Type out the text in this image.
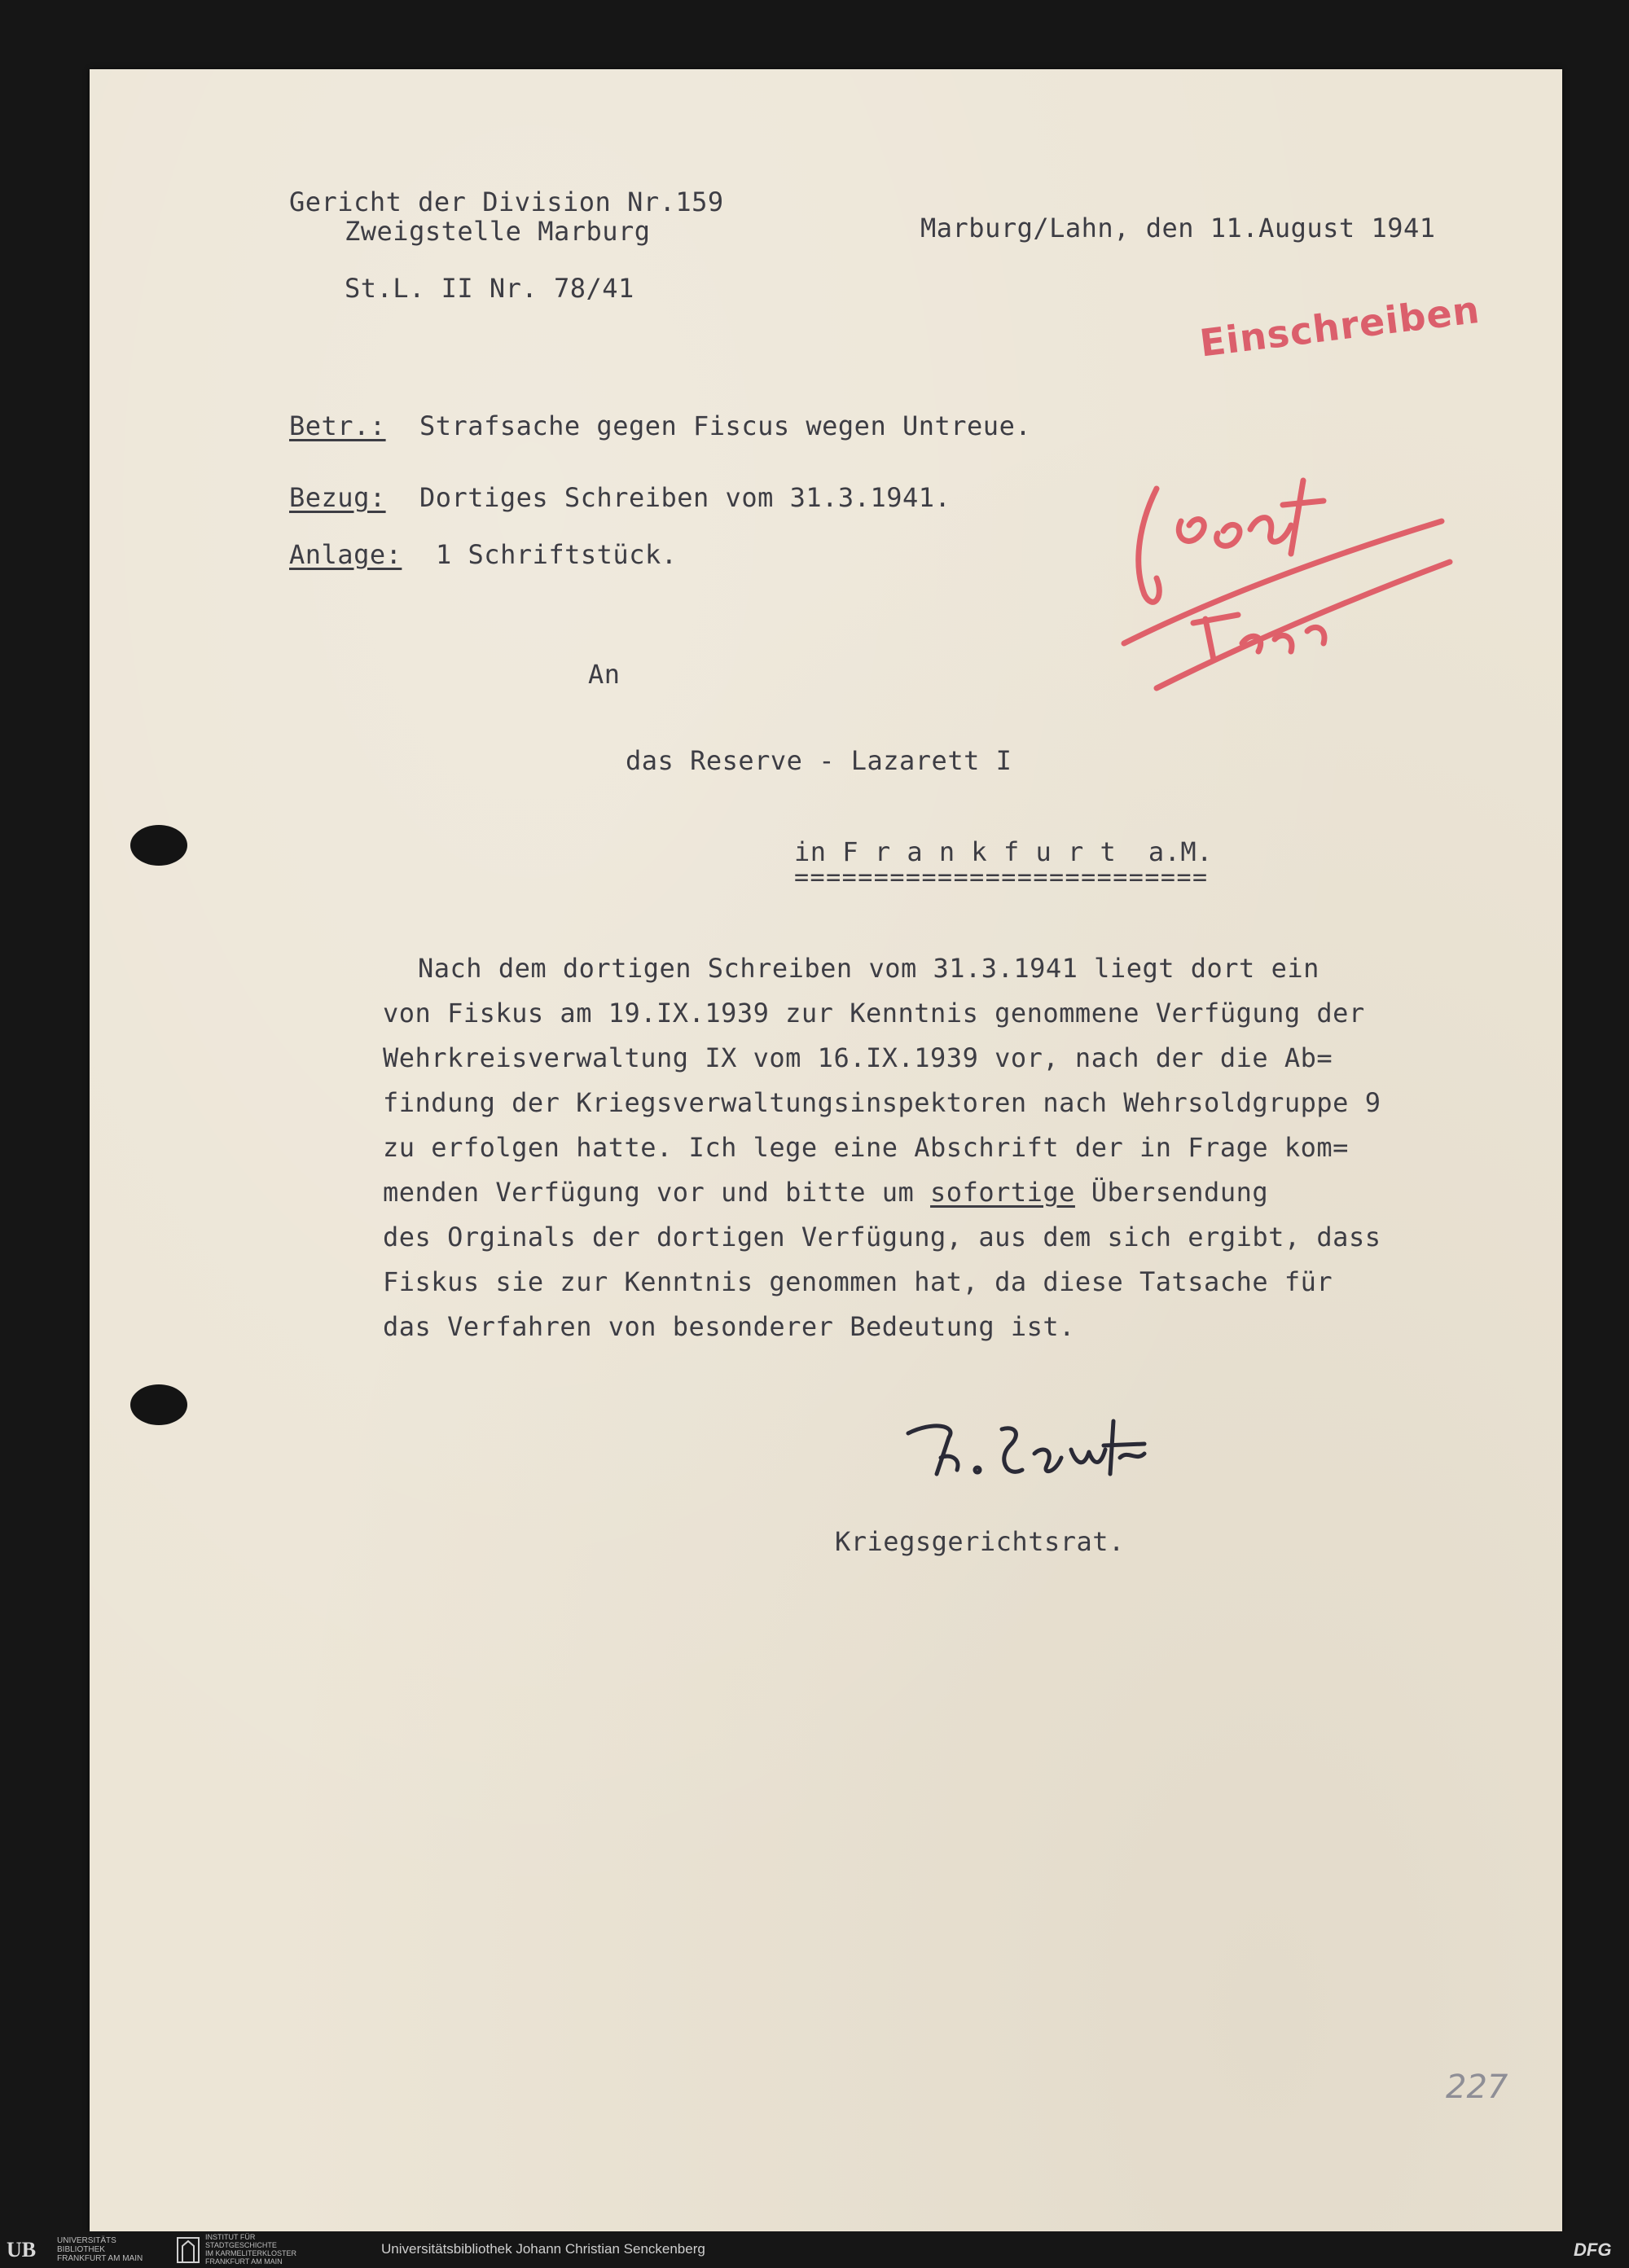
Gericht der Division Nr.159
Zweigstelle Marburg	Marburg/Lahn, den 11.August 1941
St.L. II Nr. 78/41	Einschreiben
Betr.: Strafsache gegen Fiscus wegen Untreue.
Bezug: Dortiges Schreiben vom 31.3.1941.
Anlage: 1 Schriftstück.
An
das Reserve - Lazarett I
in F r a n k f u r t  a.M.
==========================
Nach dem dortigen Schreiben vom 31.3.1941 liegt dort ein
von Fiskus am 19.IX.1939 zur Kenntnis genommene Verfügung der
Wehrkreisverwaltung IX vom 16.IX.1939 vor, nach der die Ab=
findung der Kriegsverwaltungsinspektoren nach Wehrsoldgruppe 9
zu erfolgen hatte. Ich lege eine Abschrift der in Frage kom=
menden Verfügung vor und bitte um sofortige Übersendung
des Orginals der dortigen Verfügung, aus dem sich ergibt, dass
Fiskus sie zur Kenntnis genommen hat, da diese Tatsache für
das Verfahren von besonderer Bedeutung ist.
Kriegsgerichtsrat.
227
UB	UNIVERSITÄTS
BIBLIOTHEK
FRANKFURT AM MAIN
INSTITUT FÜR
STADTGESCHICHTE
IM KARMELITERKLOSTER
FRANKFURT AM MAIN
Universitätsbibliothek Johann Christian Senckenberg	DFG
